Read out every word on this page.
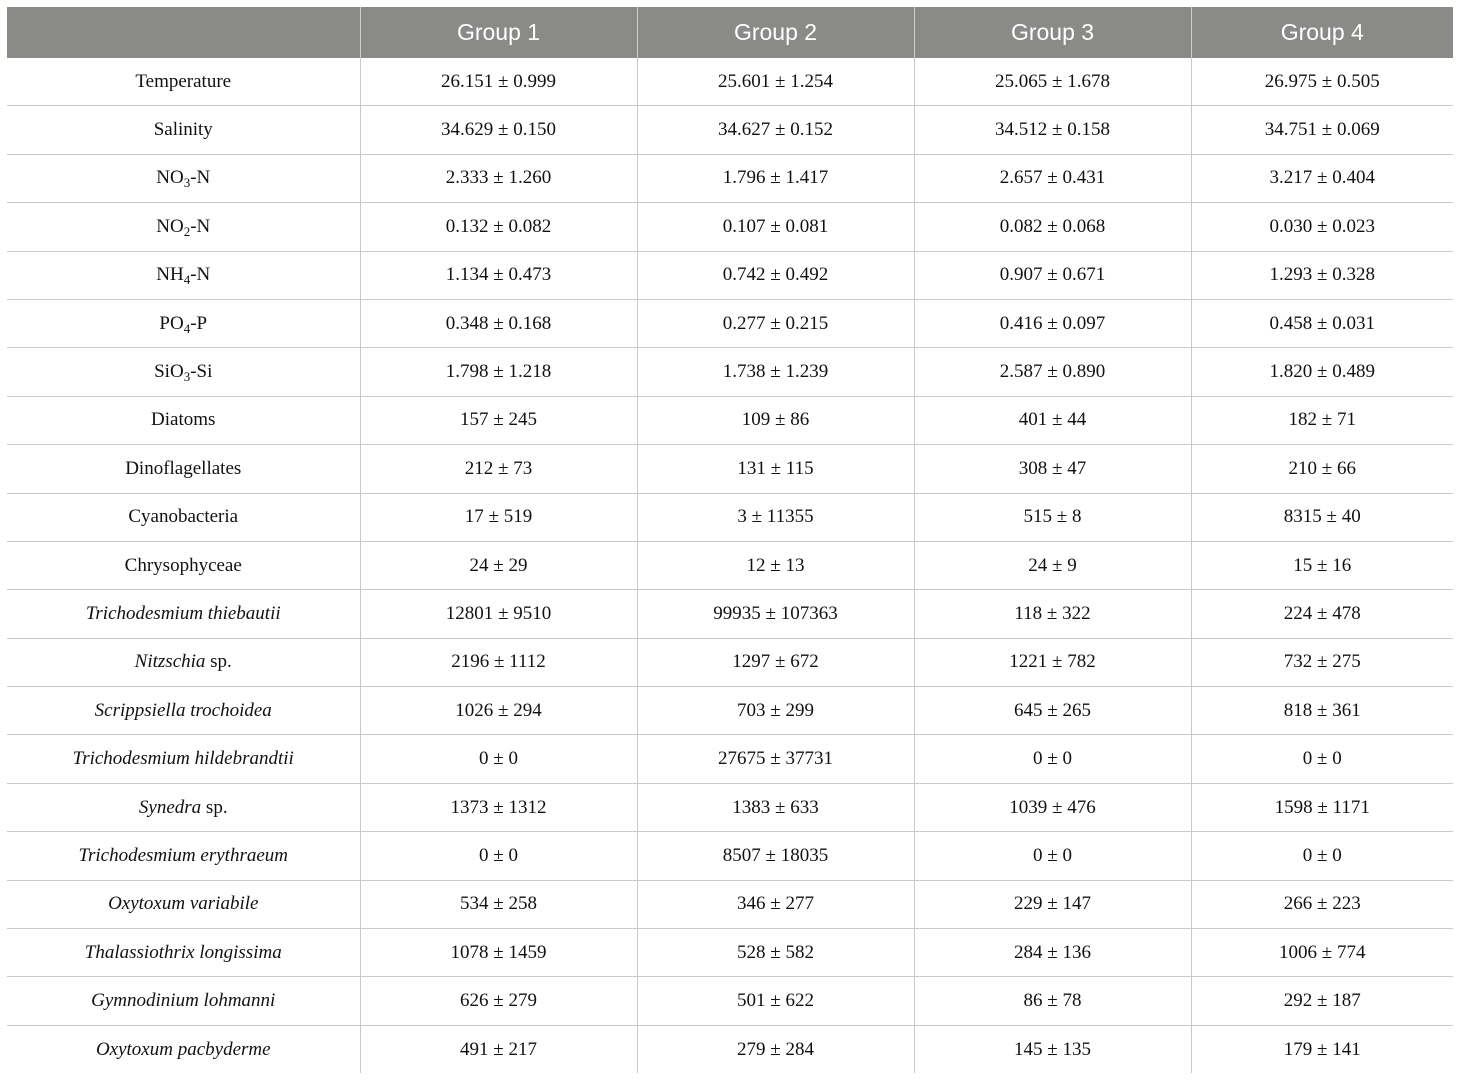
	Group 1	Group 2	Group 3	Group 4
Temperature	26.151 ± 0.999	25.601 ± 1.254	25.065 ± 1.678	26.975 ± 0.505
Salinity	34.629 ± 0.150	34.627 ± 0.152	34.512 ± 0.158	34.751 ± 0.069
$NO_3-N$	2.333 ± 1.260	1.796 ± 1.417	2.657 ± 0.431	3.217 ± 0.404
$NO_2-N$	0.132 ± 0.082	0.107 ± 0.081	0.082 ± 0.068	0.030 ± 0.023
$NH_4-N$	1.134 ± 0.473	0.742 ± 0.492	0.907 ± 0.671	1.293 ± 0.328
$PO_4-P$	0.348 ± 0.168	0.277 ± 0.215	0.416 ± 0.097	0.458 ± 0.031
SiO$_3$-Si	1.798 ± 1.218	1.738 ± 1.239	2.587 ± 0.890	1.820 ± 0.489
Diatoms	157 ± 245	109 ± 86	401 ± 44	182 ± 71
Dinoflagellates	212 ± 73	131 ± 115	308 ± 47	210 ± 66
Cyanobacteria	17 ± 519	3 ± 11355	515 ± 8	8315 ± 40
Chrysophyceae	24 ± 29	12 ± 13	24 ± 9	15 ± 16
Trichodesmium thiebautii	12801 ± 9510	99935 ± 107363	118 ± 322	224 ± 478
Nitzschia sp.	2196 ± 1112	1297 ± 672	1221 ± 782	732 ± 275
Scrippsiella trochoidea	1026 ± 294	703 ± 299	645 ± 265	818 ± 361
Trichodesmium hildebrandtii	0 ± 0	27675 ± 37731	0 ± 0	0 ± 0
Synedra sp.	1373 ± 1312	1383 ± 633	1039 ± 476	1598 ± 1171
Trichodesmium erythraeum	0 ± 0	8507 ± 18035	0 ± 0	0 ± 0
Oxytoxum variabile	534 ± 258	346 ± 277	229 ± 147	266 ± 223
Thalassiothrix longissima	1078 ± 1459	528 ± 582	284 ± 136	1006 ± 774
Gymnodinium lohmanni	626 ± 279	501 ± 622	86 ± 78	292 ± 187
Oxytoxum pacbyderme	491 ± 217	279 ± 284	145 ± 135	179 ± 141
